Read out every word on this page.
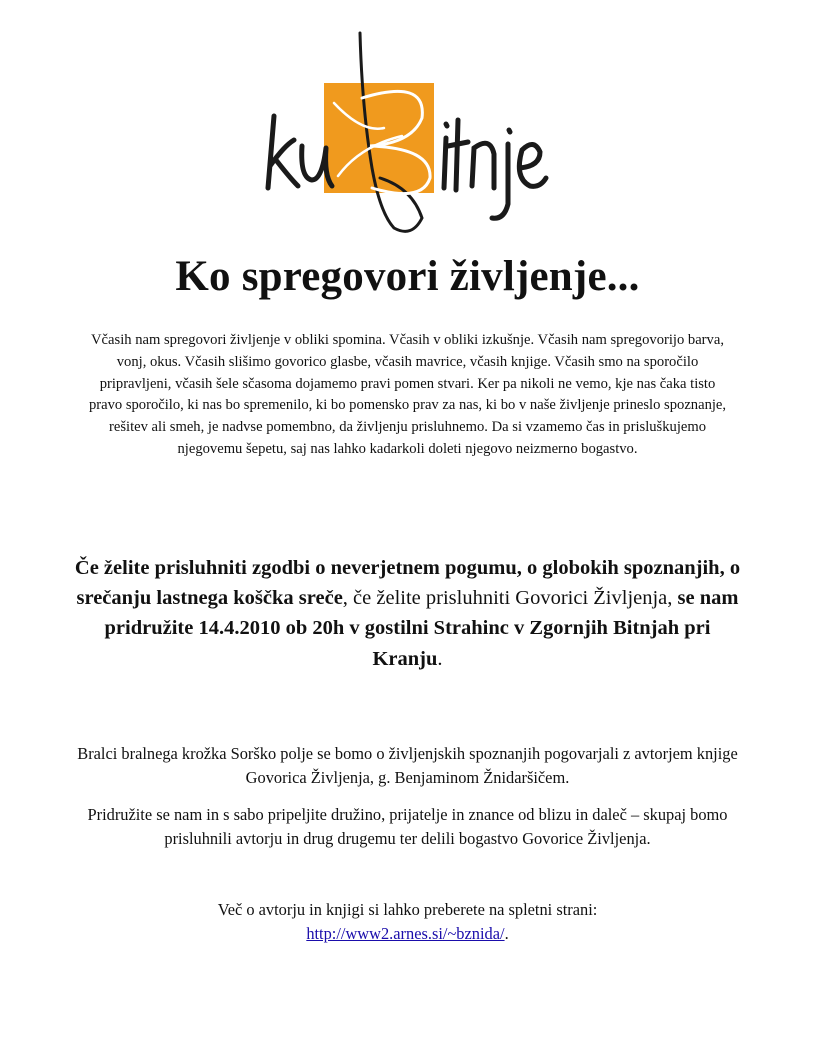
Ko spregovori življenje...

Včasih nam spregovori življenje v obliki spomina. Včasih v obliki izkušnje. Včasih nam spregovorijo barva, vonj, okus. Včasih slišimo govorico glasbe, včasih mavrice, včasih knjige. Včasih smo na sporočilo pripravljeni, včasih šele sčasoma dojamemo pravi pomen stvari. Ker pa nikoli ne vemo, kje nas čaka tisto pravo sporočilo, ki nas bo spremenilo, ki bo pomensko prav za nas, ki bo v naše življenje prineslo spoznanje, rešitev ali smeh, je nadvse pomembno, da življenju prisluhnemo. Da si vzamemo čas in prisluškujemo njegovemu šepetu, saj nas lahko kadarkoli doleti njegovo neizmerno bogastvo.

Če želite prisluhniti zgodbi o neverjetnem pogumu, o globokih spoznanjih, o srečanju lastnega koščka sreče, če želite prisluhniti Govorici Življenja, se nam pridružite 14.4.2010 ob 20h v gostilni Strahinc v Zgornjih Bitnjah pri Kranju.

Bralci bralnega krožka Sorško polje se bomo o življenjskih spoznanjih pogovarjali z avtorjem knjige Govorica Življenja, g. Benjaminom Žnidaršičem.

Pridružite se nam in s sabo pripeljite družino, prijatelje in znance od blizu in daleč – skupaj bomo prisluhnili avtorju in drug drugemu ter delili bogastvo Govorice Življenja.

Več o avtorju in knjigi si lahko preberete na spletni strani:
http://www2.arnes.si/~bznida/.
